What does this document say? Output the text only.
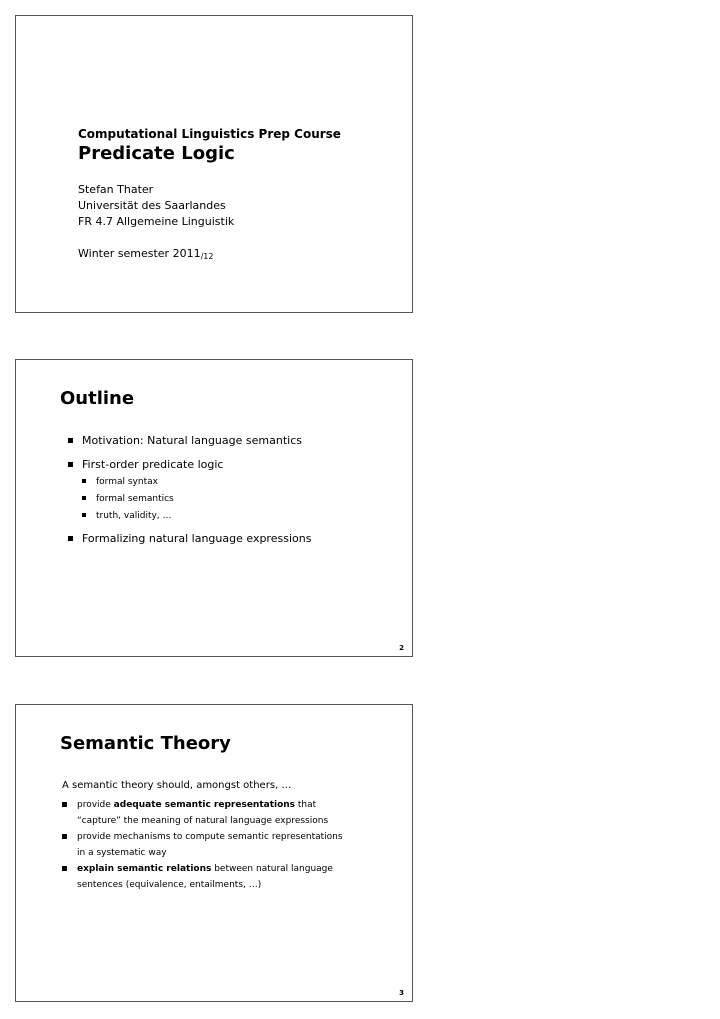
Computational Linguistics Prep Course
Predicate Logic
Stefan Thater
Universität des Saarlandes
FR 4.7 Allgemeine Linguistik
Winter semester $2011_{/12}$
Outline
Motivation: Natural language semantics
First-order predicate logic
formal syntax
formal semantics
truth, validity, …
Formalizing natural language expressions
2
Semantic Theory
A semantic theory should, amongst others, …
provide adequate semantic representations that
“capture” the meaning of natural language expressions
provide mechanisms to compute semantic representations
in a systematic way
explain semantic relations between natural language
sentences (equivalence, entailments, …)
3
